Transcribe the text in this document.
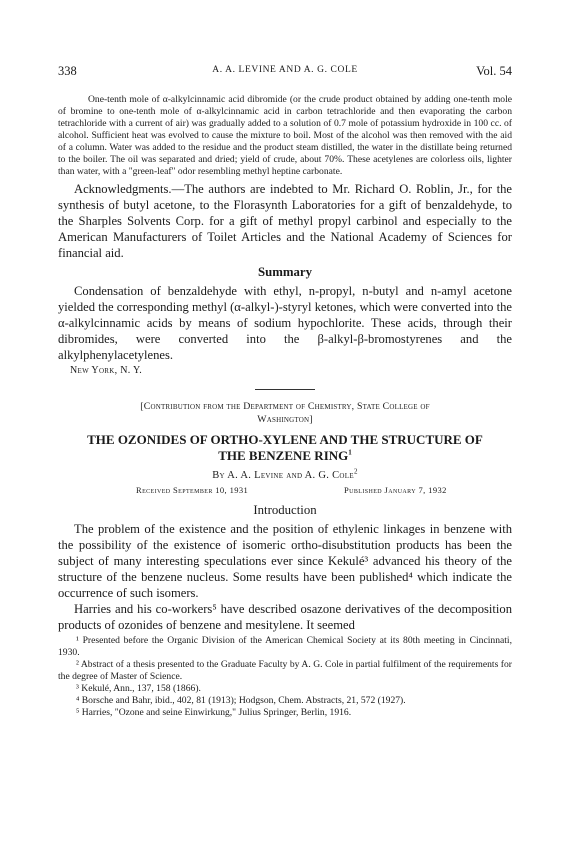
338	A. A. LEVINE AND A. G. COLE	Vol. 54

One-tenth mole of α-alkylcinnamic acid dibromide (or the crude product obtained by adding one-tenth mole of bromine to one-tenth mole of α-alkylcinnamic acid in carbon tetrachloride and then evaporating the carbon tetrachloride with a current of air) was gradually added to a solution of 0.7 mole of potassium hydroxide in 100 cc. of alcohol. Sufficient heat was evolved to cause the mixture to boil. Most of the alcohol was then removed with the aid of a column. Water was added to the residue and the product steam distilled, the water in the distillate being returned to the boiler. The oil was separated and dried; yield of crude, about 70%. These acetylenes are colorless oils, lighter than water, with a "green-leaf" odor resembling methyl heptine carbonate.

Acknowledgments.—The authors are indebted to Mr. Richard O. Roblin, Jr., for the synthesis of butyl acetone, to the Florasynth Laboratories for a gift of benzaldehyde, to the Sharples Solvents Corp. for a gift of methyl propyl carbinol and especially to the American Manufacturers of Toilet Articles and the National Academy of Sciences for financial aid.

Summary

Condensation of benzaldehyde with ethyl, n-propyl, n-butyl and n-amyl acetone yielded the corresponding methyl (α-alkyl-)-styryl ketones, which were converted into the α-alkylcinnamic acids by means of sodium hypochlorite. These acids, through their dibromides, were converted into the β-alkyl-β-bromostyrenes and the alkylphenylacetylenes.

New York, N. Y.
[Contribution from the Department of Chemistry, State College of
Washington]
THE OZONIDES OF ORTHO-XYLENE AND THE STRUCTURE OF
THE BENZENE RING$^1$
By A. A. Levine and A. G. Cole$^2$
Received September 10, 1931	Published January 7, 1932
Introduction

The problem of the existence and the position of ethylenic linkages in benzene with the possibility of the existence of isomeric ortho-disubstitution products has been the subject of many interesting speculations ever since Kekulé³ advanced his theory of the structure of the benzene nucleus. Some results have been published⁴ which indicate the occurrence of such isomers.

Harries and his co-workers⁵ have described osazone derivatives of the decomposition products of ozonides of benzene and mesitylene. It seemed

¹ Presented before the Organic Division of the American Chemical Society at its 80th meeting in Cincinnati, 1930.

² Abstract of a thesis presented to the Graduate Faculty by A. G. Cole in partial fulfilment of the requirements for the degree of Master of Science.

³ Kekulé, Ann., 137, 158 (1866).

⁴ Borsche and Bahr, ibid., 402, 81 (1913); Hodgson, Chem. Abstracts, 21, 572 (1927).

⁵ Harries, "Ozone and seine Einwirkung," Julius Springer, Berlin, 1916.
